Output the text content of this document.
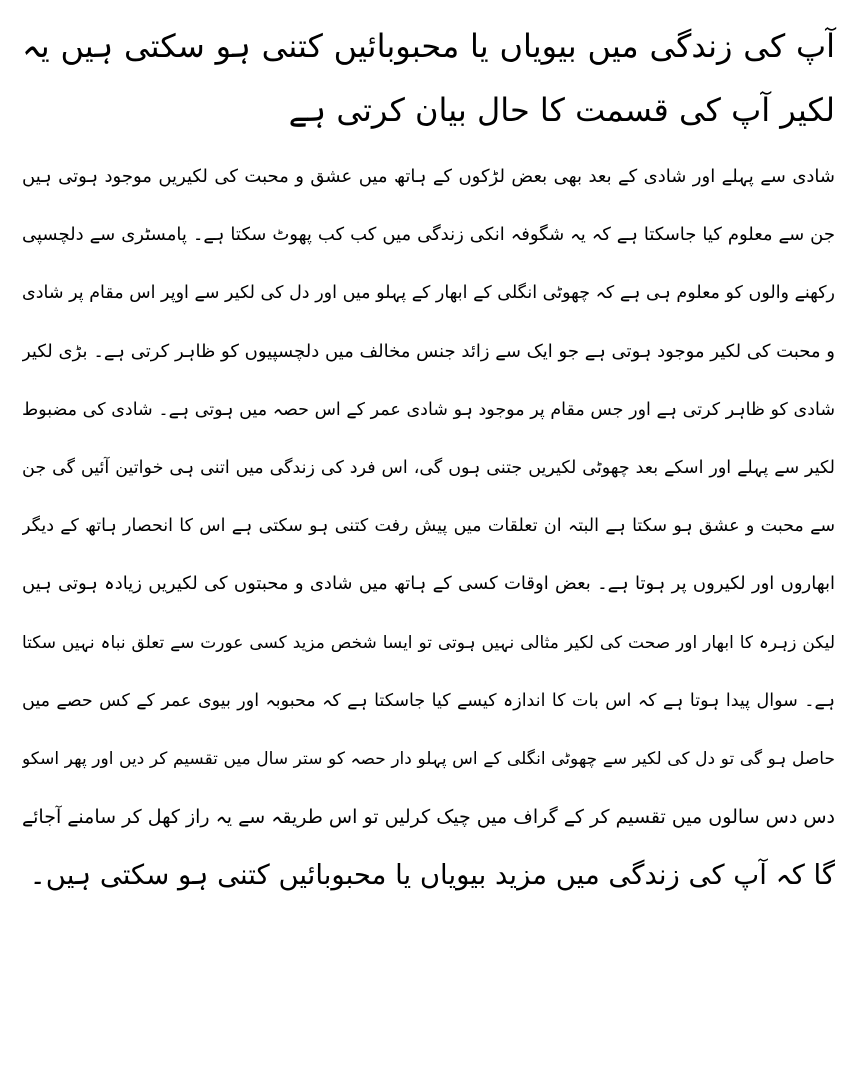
آپ کی زندگی میں بیویاں یا محبوبائیں کتنی ہو سکتی ہیں یہ لکیر آپ کی قسمت کا حال بیان کرتی ہے
شادی سے پہلے اور شادی کے بعد بھی بعض لڑکوں کے ہاتھ میں عشق و محبت کی لکیریں موجود ہوتی ہیں
جن سے معلوم کیا جاسکتا ہے کہ یہ شگوفہ انکی زندگی میں کب کب پھوٹ سکتا ہے۔ پامسٹری سے دلچسپی
رکھنے والوں کو معلوم ہی ہے کہ چھوٹی انگلی کے ابھار کے پہلو میں اور دل کی لکیر سے اوپر اس مقام پر شادی
و محبت کی لکیر موجود ہوتی ہے جو ایک سے زائد جنس مخالف میں دلچسپیوں کو ظاہر کرتی ہے۔ بڑی لکیر
شادی کو ظاہر کرتی ہے اور جس مقام پر موجود ہو شادی عمر کے اس حصہ میں ہوتی ہے۔ شادی کی مضبوط
لکیر سے پہلے اور اسکے بعد چھوٹی لکیریں جتنی ہوں گی، اس فرد کی زندگی میں اتنی ہی خواتین آئیں گی جن
سے محبت و عشق ہو سکتا ہے البتہ ان تعلقات میں پیش رفت کتنی ہو سکتی ہے اس کا انحصار ہاتھ کے دیگر
ابھاروں اور لکیروں پر ہوتا ہے۔ بعض اوقات کسی کے ہاتھ میں شادی و محبتوں کی لکیریں زیادہ ہوتی ہیں
لیکن زہرہ کا ابھار اور صحت کی لکیر مثالی نہیں ہوتی تو ایسا شخص مزید کسی عورت سے تعلق نباہ نہیں سکتا
ہے۔ سوال پیدا ہوتا ہے کہ اس بات کا اندازہ کیسے کیا جاسکتا ہے کہ محبوبہ اور بیوی عمر کے کس حصے میں
حاصل ہو گی تو دل کی لکیر سے چھوٹی انگلی کے اس پہلو دار حصہ کو ستر سال میں تقسیم کر دیں اور پھر اسکو
دس دس سالوں میں تقسیم کر کے گراف میں چیک کرلیں تو اس طریقہ سے یہ راز کھل کر سامنے آجائے
گا کہ آپ کی زندگی میں مزید بیویاں یا محبوبائیں کتنی ہو سکتی ہیں۔
